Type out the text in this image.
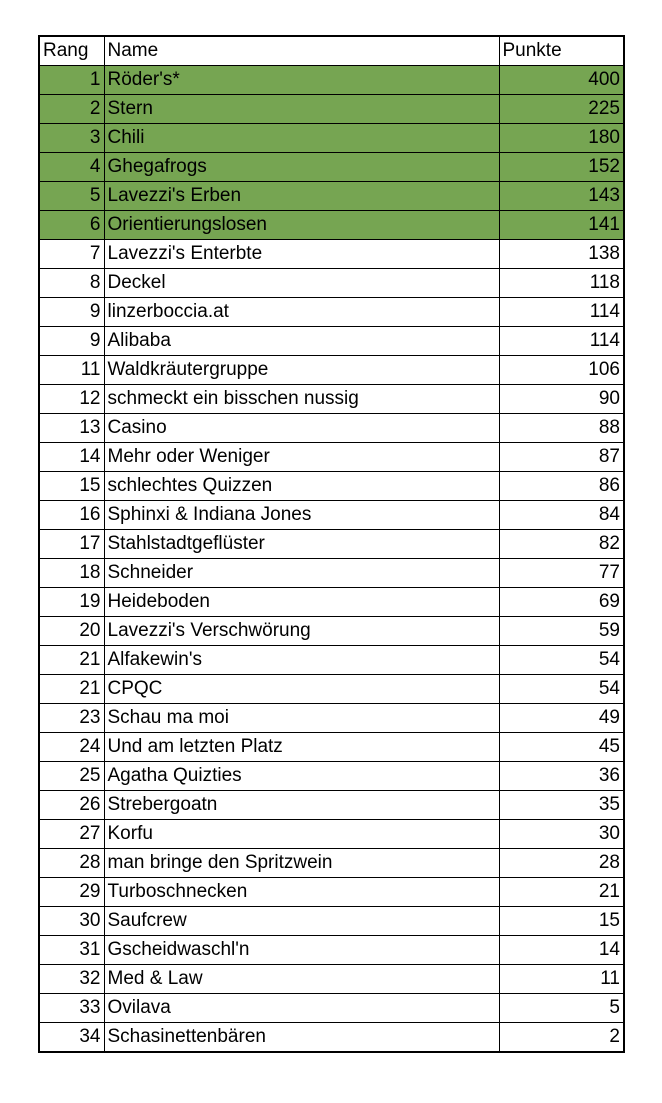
Rang	Name	Punkte
1	Röder's*	400
2	Stern	225
3	Chili	180
4	Ghegafrogs	152
5	Lavezzi's Erben	143
6	Orientierungslosen	141
7	Lavezzi's Enterbte	138
8	Deckel	118
9	linzerboccia.at	114
9	Alibaba	114
11	Waldkräutergruppe	106
12	schmeckt ein bisschen nussig	90
13	Casino	88
14	Mehr oder Weniger	87
15	schlechtes Quizzen	86
16	Sphinxi & Indiana Jones	84
17	Stahlstadtgeflüster	82
18	Schneider	77
19	Heideboden	69
20	Lavezzi's Verschwörung	59
21	Alfakewin's	54
21	CPQC	54
23	Schau ma moi	49
24	Und am letzten Platz	45
25	Agatha Quizties	36
26	Strebergoatn	35
27	Korfu	30
28	man bringe den Spritzwein	28
29	Turboschnecken	21
30	Saufcrew	15
31	Gscheidwaschl'n	14
32	Med & Law	11
33	Ovilava	5
34	Schasinettenbären	2
